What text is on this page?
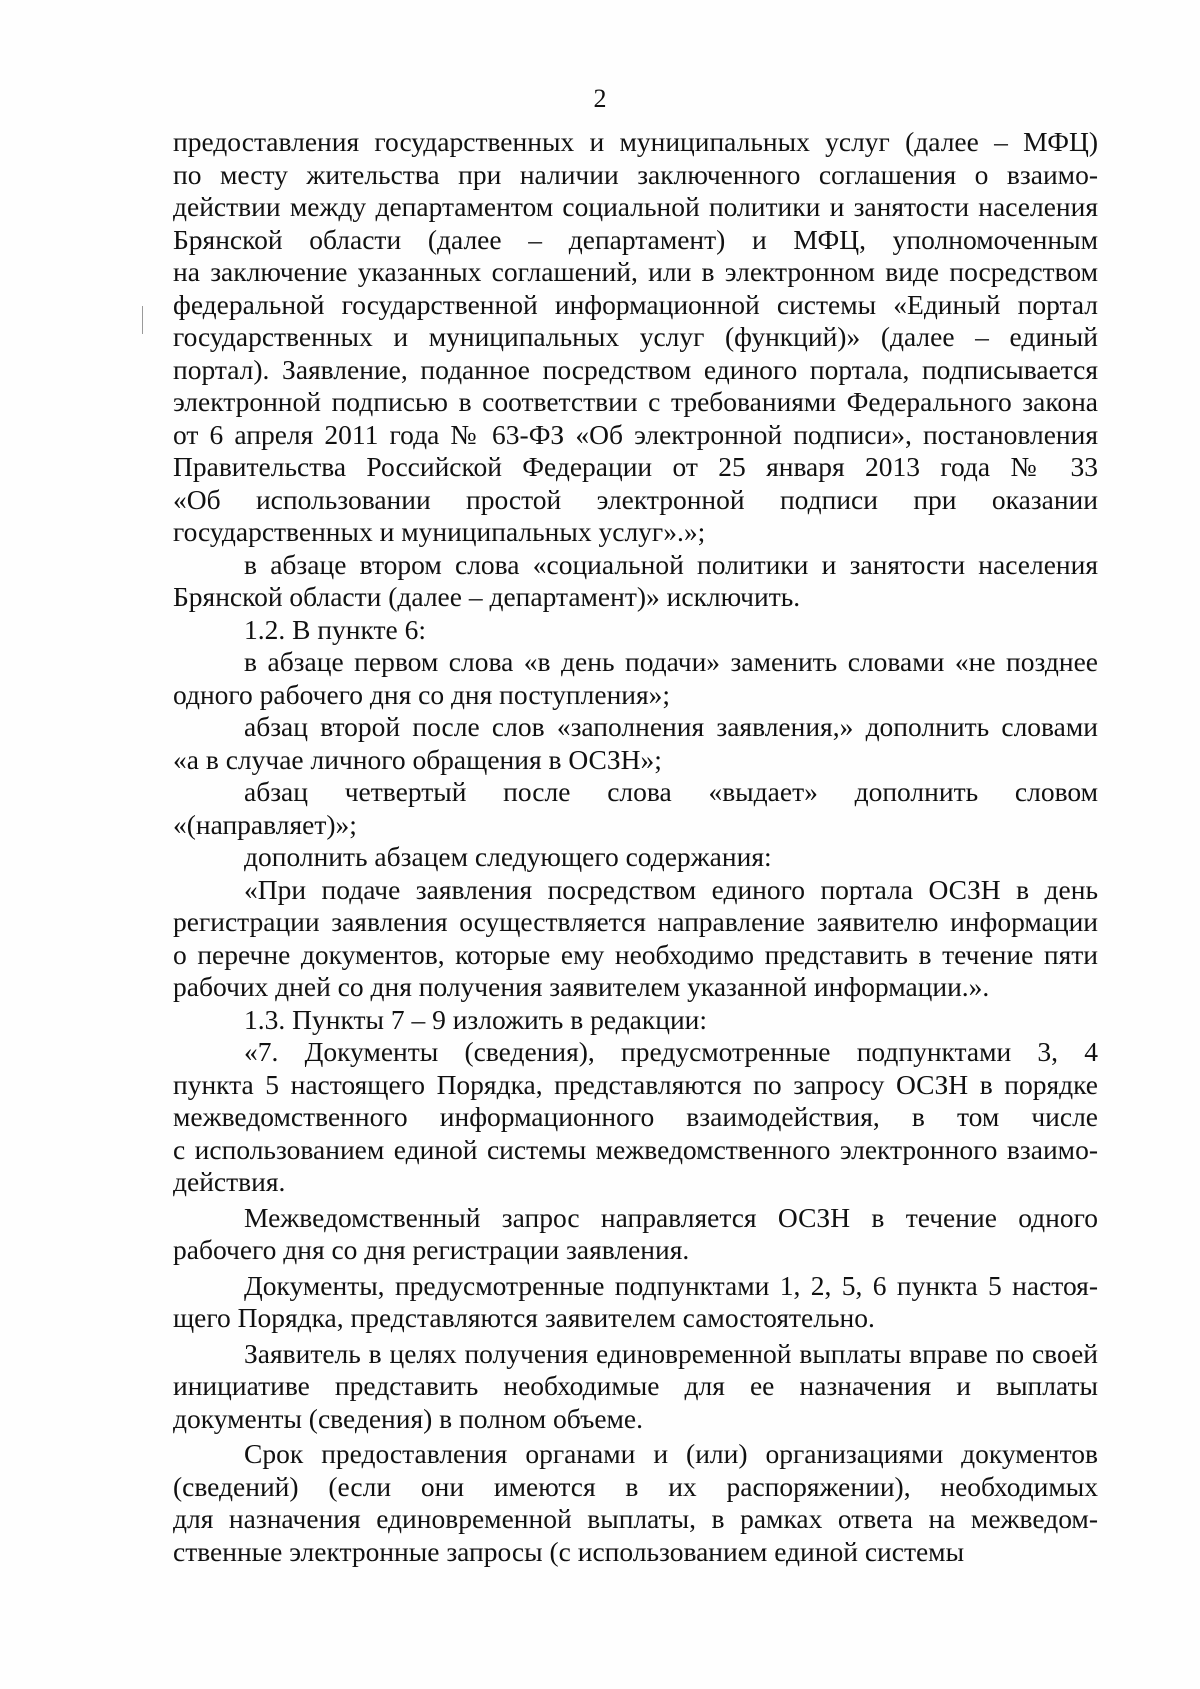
2
предоставления государственных и муниципальных услуг (далее – МФЦ)
по месту жительства при наличии заключенного соглашения о взаимо-
действии между департаментом социальной политики и занятости населения
Брянской области (далее – департамент) и МФЦ, уполномоченным
на заключение указанных соглашений, или в электронном виде посредством
федеральной государственной информационной системы «Единый портал
государственных и муниципальных услуг (функций)» (далее – единый
портал). Заявление, поданное посредством единого портала, подписывается
электронной подписью в соответствии с требованиями Федерального закона
от 6 апреля 2011 года № 63-ФЗ «Об электронной подписи», постановления
Правительства Российской Федерации от 25 января 2013 года № 33
«Об использовании простой электронной подписи при оказании
государственных и муниципальных услуг».»;
в абзаце втором слова «социальной политики и занятости населения
Брянской области (далее – департамент)» исключить.
1.2. В пункте 6:
в абзаце первом слова «в день подачи» заменить словами «не позднее
одного рабочего дня со дня поступления»;
абзац второй после слов «заполнения заявления,» дополнить словами
«а в случае личного обращения в ОСЗН»;
абзац четвертый после слова «выдает» дополнить словом
«(направляет)»;
дополнить абзацем следующего содержания:
«При подаче заявления посредством единого портала ОСЗН в день
регистрации заявления осуществляется направление заявителю информации
о перечне документов, которые ему необходимо представить в течение пяти
рабочих дней со дня получения заявителем указанной информации.».
1.3. Пункты 7 – 9 изложить в редакции:
«7. Документы (сведения), предусмотренные подпунктами 3, 4
пункта 5 настоящего Порядка, представляются по запросу ОСЗН в порядке
межведомственного информационного взаимодействия, в том числе
с использованием единой системы межведомственного электронного взаимо-
действия.
Межведомственный запрос направляется ОСЗН в течение одного
рабочего дня со дня регистрации заявления.
Документы, предусмотренные подпунктами 1, 2, 5, 6 пункта 5 настоя-
щего Порядка, представляются заявителем самостоятельно.
Заявитель в целях получения единовременной выплаты вправе по своей
инициативе представить необходимые для ее назначения и выплаты
документы (сведения) в полном объеме.
Срок предоставления органами и (или) организациями документов
(сведений) (если они имеются в их распоряжении), необходимых
для назначения единовременной выплаты, в рамках ответа на межведом-
ственные электронные запросы (с использованием единой системы
